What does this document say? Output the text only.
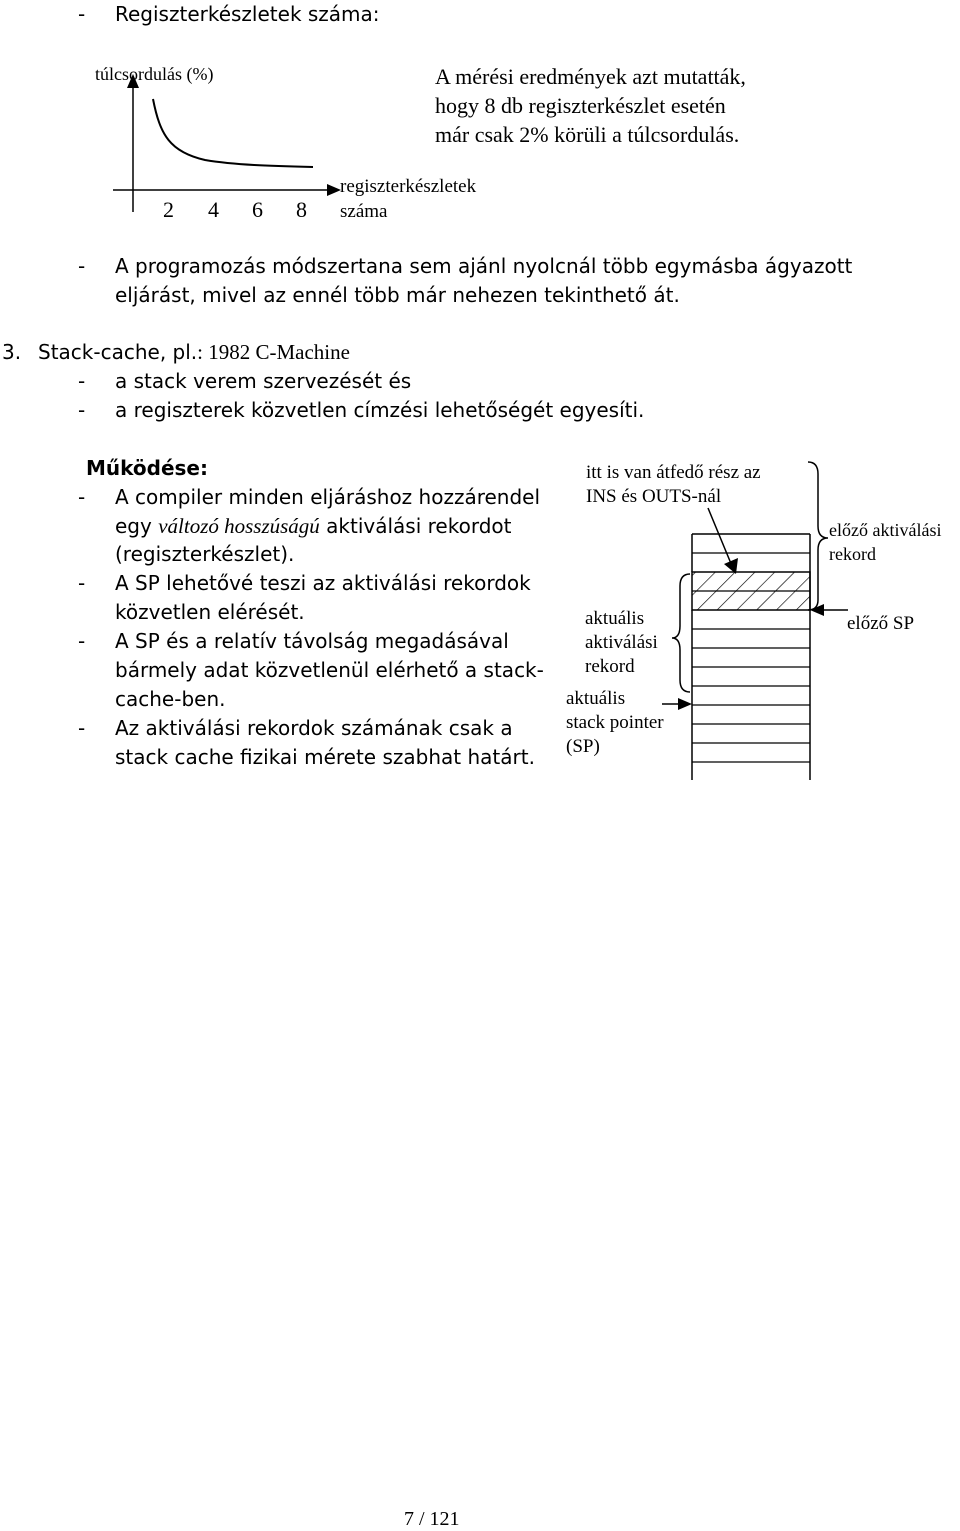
- Regiszterkészletek száma:
túlcsordulás (%)
2 4 6 8
regiszterkészletek
száma
A mérési eredmények azt mutatták,
hogy 8 db regiszterkészlet esetén
már csak 2% körüli a túlcsordulás.
- A programozás módszertana sem ajánl nyolcnál több egymásba ágyazott
eljárást, mivel az ennél több már nehezen tekinthető át.
3. Stack-cache, pl.: 1982 C-Machine
- a stack verem szervezését és
- a regiszterek közvetlen címzési lehetőségét egyesíti.
Működése:
- A compiler minden eljáráshoz hozzárendel
egy változó hosszúságú aktiválási rekordot
(regiszterkészlet).
- A SP lehetővé teszi az aktiválási rekordok
közvetlen elérését.
- A SP és a relatív távolság megadásával
bármely adat közvetlenül elérhető a stack-
cache-ben.
- Az aktiválási rekordok számának csak a
stack cache fizikai mérete szabhat határt.
itt is van átfedő rész az
INS és OUTS-nál
előző aktiválási
rekord
előző SP
aktuális
aktiválási
rekord
aktuális
stack pointer
(SP)
7 / 121
